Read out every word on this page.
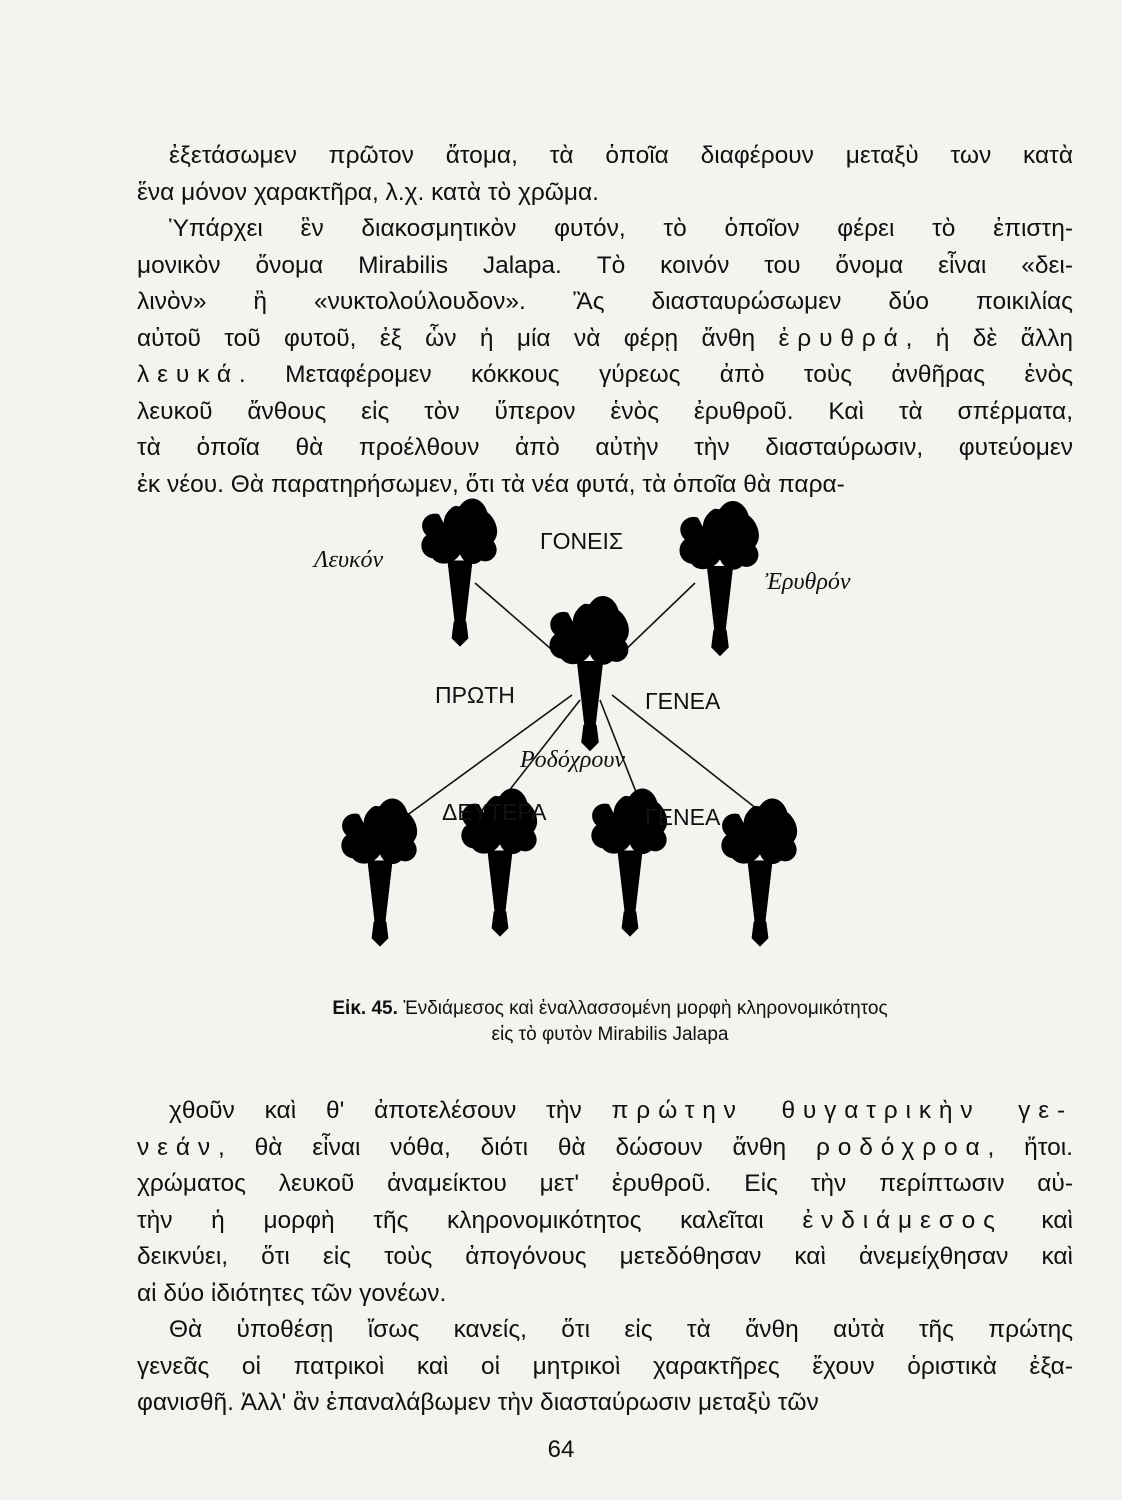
ἐξετάσωμεν πρῶτον ἄτομα, τὰ ὁποῖα διαφέρουν μεταξὺ των κατὰ

ἕνα μόνον χαρακτῆρα, λ.χ. κατὰ τὸ χρῶμα.

Ὑπάρχει ἓν διακοσμητικὸν φυτόν, τὸ ὁποῖον φέρει τὸ ἐπιστη-

μονικὸν ὄνομα Mirabilis Jalapa. Τὸ κοινόν του ὄνομα εἶναι «δει-

λινὸν» ἢ «νυκτολούλουδον». Ἂς διασταυρώσωμεν δύο ποικιλίας

αὐτοῦ τοῦ φυτοῦ, ἐξ ὧν ἡ μία νὰ φέρῃ ἄνθη ἐρυθρά, ἡ δὲ ἄλλη

λευκά. Μεταφέρομεν κόκκους γύρεως ἀπὸ τοὺς ἀνθῆρας ἑνὸς

λευκοῦ ἄνθους εἰς τὸν ὕπερον ἑνὸς ἐρυθροῦ. Καὶ τὰ σπέρματα,

τὰ ὁποῖα θὰ προέλθουν ἀπὸ αὐτὴν τὴν διασταύρωσιν, φυτεύομεν

ἐκ νέου. Θὰ παρατηρήσωμεν, ὅτι τὰ νέα φυτά, τὰ ὁποῖα θὰ παρα-

Λευκόν
ΓΟΝΕΙΣ
Ἐρυθρόν
ΠΡΩΤΗ	ΓΕΝΕΑ
Ροδόχρουν
ΔΕΥΤΕΡΑ	ΓΕΝΕΑ
Εἰκ. 45. Ἐνδιάμεσος καὶ ἐναλλασσομένη μορφὴ κληρονομικότητος
εἰς τὸ φυτὸν Mirabilis Jalapa

χθοῦν καὶ θ' ἀποτελέσουν τὴν πρώτην θυγατρικὴν γε-

νεάν, θὰ εἶναι νόθα, διότι θὰ δώσουν ἄνθη ροδόχροα, ἤτοι.

χρώματος λευκοῦ ἀναμείκτου μετ' ἐρυθροῦ. Εἰς τὴν περίπτωσιν αὐ-

τὴν ἡ μορφὴ τῆς κληρονομικότητος καλεῖται ἐνδιάμεσος καὶ

δεικνύει, ὅτι εἰς τοὺς ἀπογόνους μετεδόθησαν καὶ ἀνεμείχθησαν καὶ

αἱ δύο ἰδιότητες τῶν γονέων.

Θὰ ὑποθέσῃ ἴσως κανείς, ὅτι εἰς τὰ ἄνθη αὐτὰ τῆς πρώτης

γενεᾶς οἱ πατρικοὶ καὶ οἱ μητρικοὶ χαρακτῆρες ἔχουν ὁριστικὰ ἐξα-

φανισθῆ. Ἀλλ' ἂν ἐπαναλάβωμεν τὴν διασταύρωσιν μεταξὺ τῶν

64
